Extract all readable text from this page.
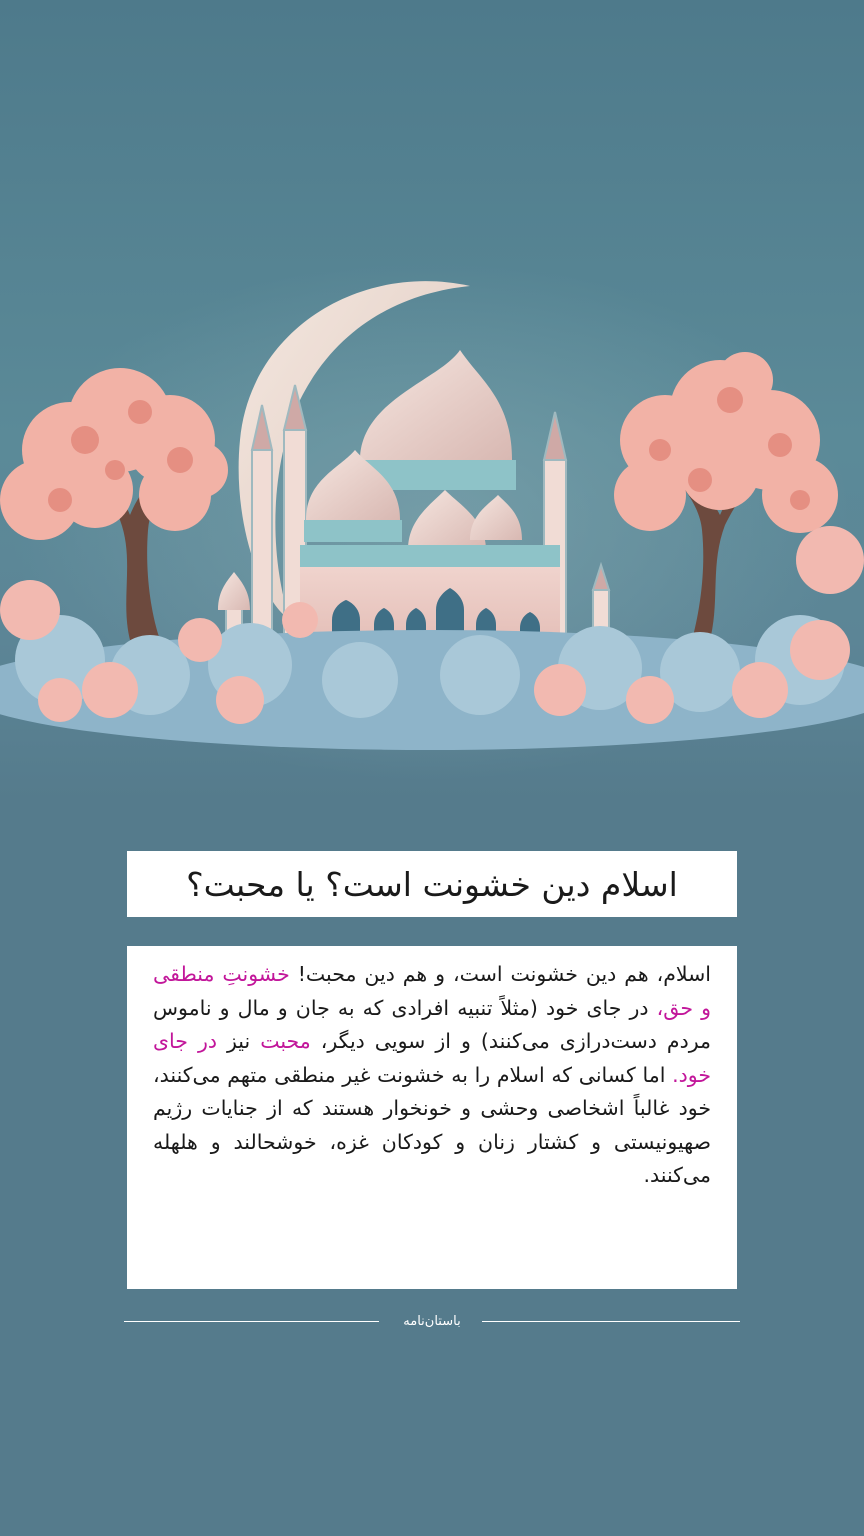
اسلام دین خشونت است؟ یا محبت؟

اسلام، هم دین خشونت است، و هم دین محبت! خشونتِ منطقی و حق، در جای خود (مثلاً تنبیه افرادی که به جان و مال و ناموس مردم دست‌درازی می‌کنند) و از سویی دیگر، محبت نیز در جای خود. اما کسانی که اسلام را به خشونت غیر منطقی متهم می‌کنند، خود غالباً اشخاصی وحشی و خونخوار هستند که از جنایات رژیم صهیونیستی و کشتار زنان و کودکان غزه، خوشحالند و هلهله می‌کنند.

باستان‌نامه
